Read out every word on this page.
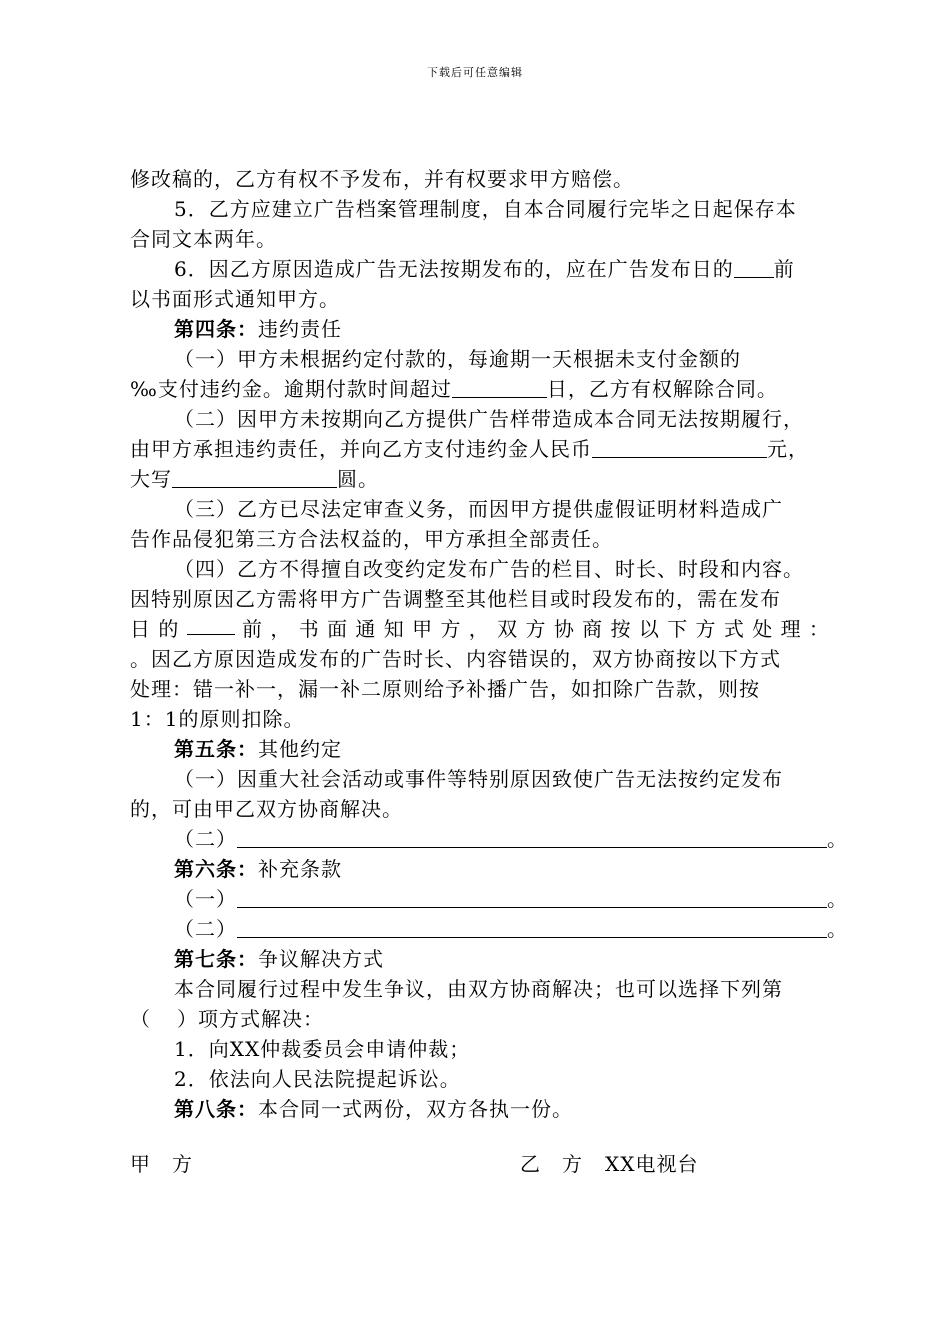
下载后可任意编辑
修改稿的，乙方有权不予发布，并有权要求甲方赔偿。
5．乙方应建立广告档案管理制度，自本合同履行完毕之日起保存本
合同文本两年。
6．因乙方原因造成广告无法按期发布的，应在广告发布日的 前
以书面形式通知甲方。
第四条：违约责任
（一）甲方未根据约定付款的，每逾期一天根据未支付金额的
‰支付违约金。逾期付款时间超过	日，乙方有权解除合同。
（二）因甲方未按期向乙方提供广告样带造成本合同无法按期履行，
由甲方承担违约责任，并向乙方支付违约金人民币	元，
大写	圆。
（三）乙方已尽法定审查义务，而因甲方提供虚假证明材料造成广
告作品侵犯第三方合法权益的，甲方承担全部责任。
（四）乙方不得擅自改变约定发布广告的栏目、时长、时段和内容。
因特别原因乙方需将甲方广告调整至其他栏目或时段发布的，需在发布
日 的	前 ， 书 面 通 知 甲 方 ， 双 方 协 商 按 以 下 方 式 处 理 ：
。因乙方原因造成发布的广告时长、内容错误的，双方协商按以下方式
处理：错一补一，漏一补二原则给予补播广告，如扣除广告款，则按
1：1的原则扣除。
第五条：其他约定
（一）因重大社会活动或事件等特别原因致使广告无法按约定发布
的，可由甲乙双方协商解决。
（二）	。
第六条：补充条款
（一）	。
（二）	。
第七条：争议解决方式
本合同履行过程中发生争议，由双方协商解决；也可以选择下列第
（ ）项方式解决：
1．向XX仲裁委员会申请仲裁；
2．依法向人民法院提起诉讼。
第八条：本合同一式两份，双方各执一份。
甲　方	乙　方 XX电视台
